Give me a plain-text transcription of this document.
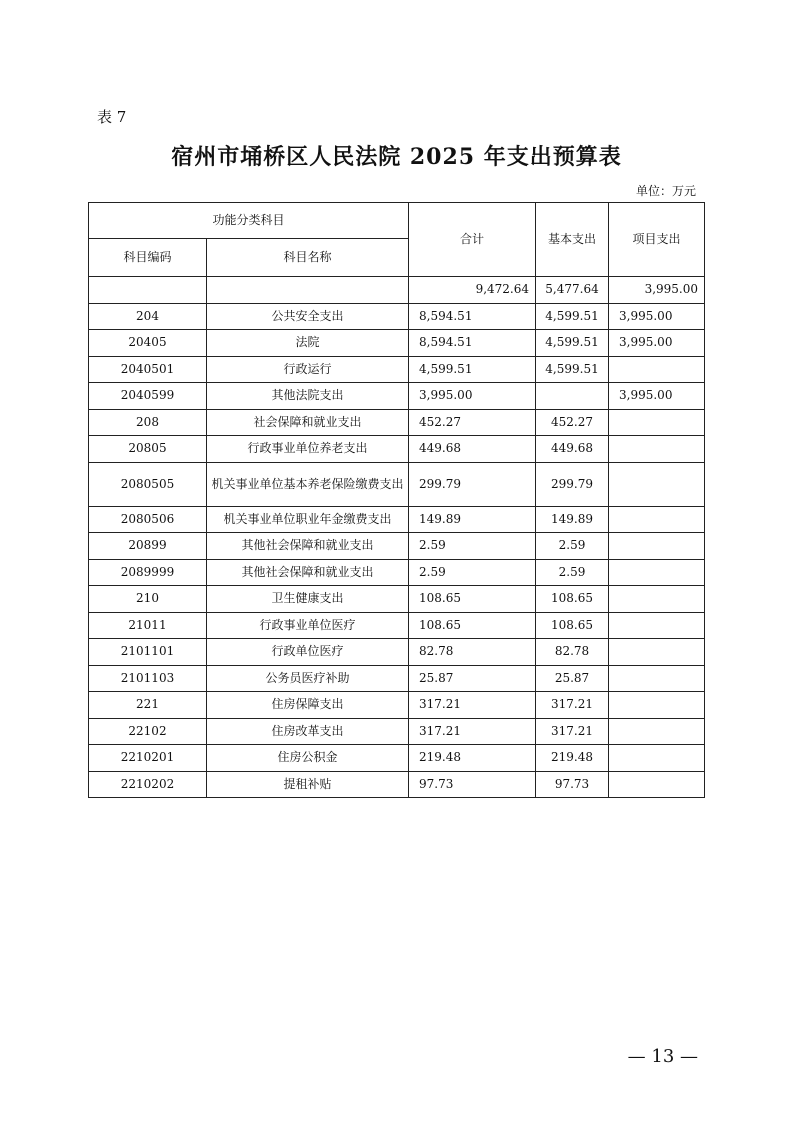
表 7
宿州市埇桥区人民法院 2025 年支出预算表
单位：万元
功能分类科目		合计	基本支出	项目支出
科目编码	科目名称			
		9,472.64	5,477.64	3,995.00
204	公共安全支出	8,594.51	4,599.51	3,995.00
20405	法院	8,594.51	4,599.51	3,995.00
2040501	行政运行	4,599.51	4,599.51	
2040599	其他法院支出	3,995.00		3,995.00
208	社会保障和就业支出	452.27	452.27	
20805	行政事业单位养老支出	449.68	449.68	
2080505	机关事业单位基本养老保险缴费支出	299.79	299.79	
2080506	机关事业单位职业年金缴费支出	149.89	149.89	
20899	其他社会保障和就业支出	2.59	2.59	
2089999	其他社会保障和就业支出	2.59	2.59	
210	卫生健康支出	108.65	108.65	
21011	行政事业单位医疗	108.65	108.65	
2101101	行政单位医疗	82.78	82.78	
2101103	公务员医疗补助	25.87	25.87	
221	住房保障支出	317.21	317.21	
22102	住房改革支出	317.21	317.21	
2210201	住房公积金	219.48	219.48	
2210202	提租补贴	97.73	97.73	
— 13 —
